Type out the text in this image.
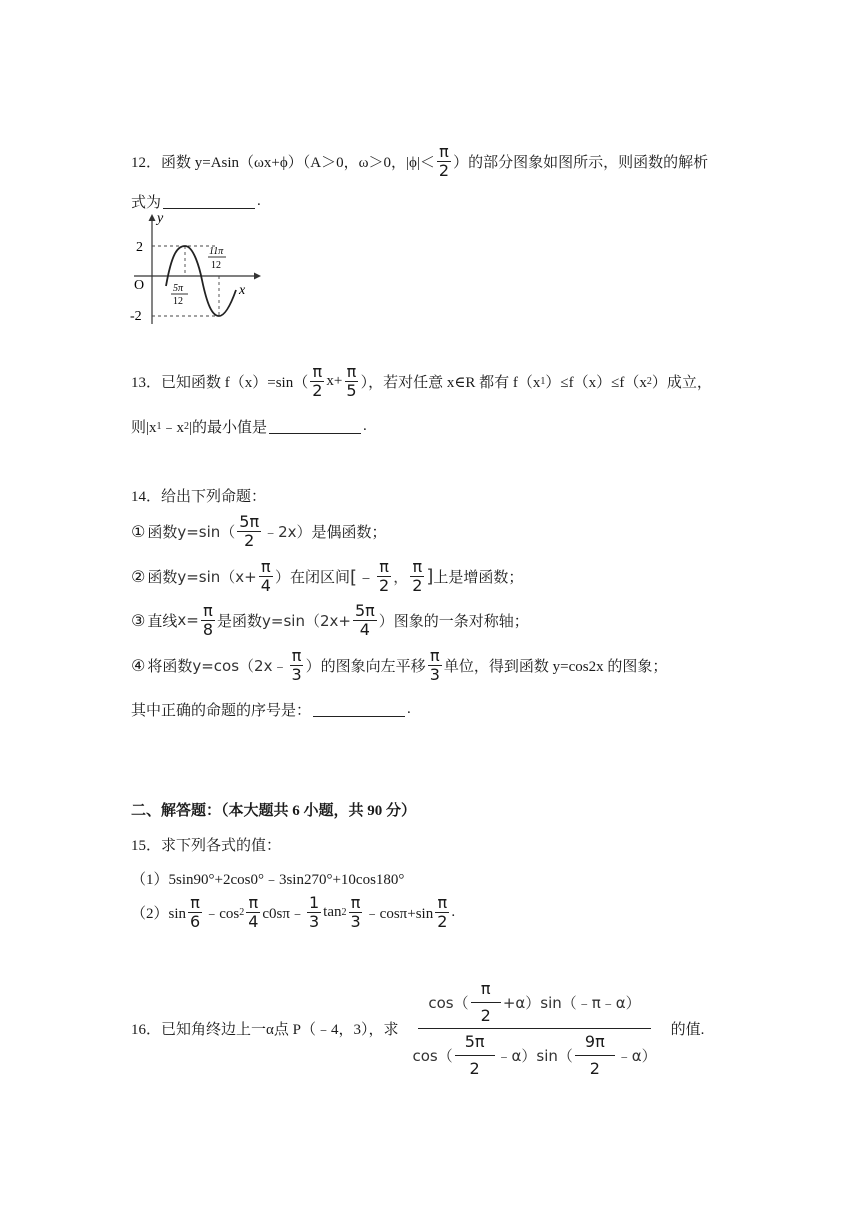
12．函数 y=Asin（ωx+ϕ）（A＞0，ω＞0，$|\phi|< \frac{\pi}{2}$ ）的部分图象如图所示，则函数的解析
式为	.
y
x
O
2
-2
5π
12
11π
12
13．已知函数 $f(x)=\sin( \frac{\pi}{2} x+ \frac{\pi}{5}$ ），若对任意 x∈R 都有 f（x 1 ）≤f（x）≤f（x 2 ）成立，
则|x 1 ﹣x 2 |的最小值是	.
14．给出下列命题：
① 函数 $y=\sin( \frac{5\pi}{2}$ ﹣2x） 是偶函数；
② 函数 $y=\sin(x+ \frac{\pi}{4}$ ） 在闭区间 [﹣ $\frac{\pi}{2}$ ， $\frac{\pi}{2}$ ] 上是增函数；
③ 直线 $x= \frac{\pi}{8}$ 是函数 $y=\sin(2x+ \frac{5\pi}{4}$ ） 图象的一条对称轴；
④ 将函数 y=cos（2x﹣ $\frac{\pi}{3}$ ） 的图象向左平移 $\frac{\pi}{3}$ 单位，得到函数 y=cos2x 的图象；
其中正确的命题的序号是：	.
二、解答题：（本大题共 6 小题，共 90 分）
15．求下列各式的值：
（1）5sin90°+2cos0°﹣3sin270°+10cos180°
$(2)\sin \frac{\pi}{6}$ ﹣cos $2 \frac{\pi}{4}$ c0sπ﹣ $\frac{1}{3}$ $\tan 2 \frac{\pi}{3}$ ﹣cosπ+sin $\frac{\pi}{2}$ .
16．已知角终边上一α点 P（﹣4，3），求 $\frac{\cos( \frac{\pi}{2} +\alpha)\sin(﹣\pi﹣\alpha)}{\cos( \frac{5\pi}{2} ﹣\alpha)\sin( \frac{9\pi}{2} ﹣\alpha)}$ 的值.
